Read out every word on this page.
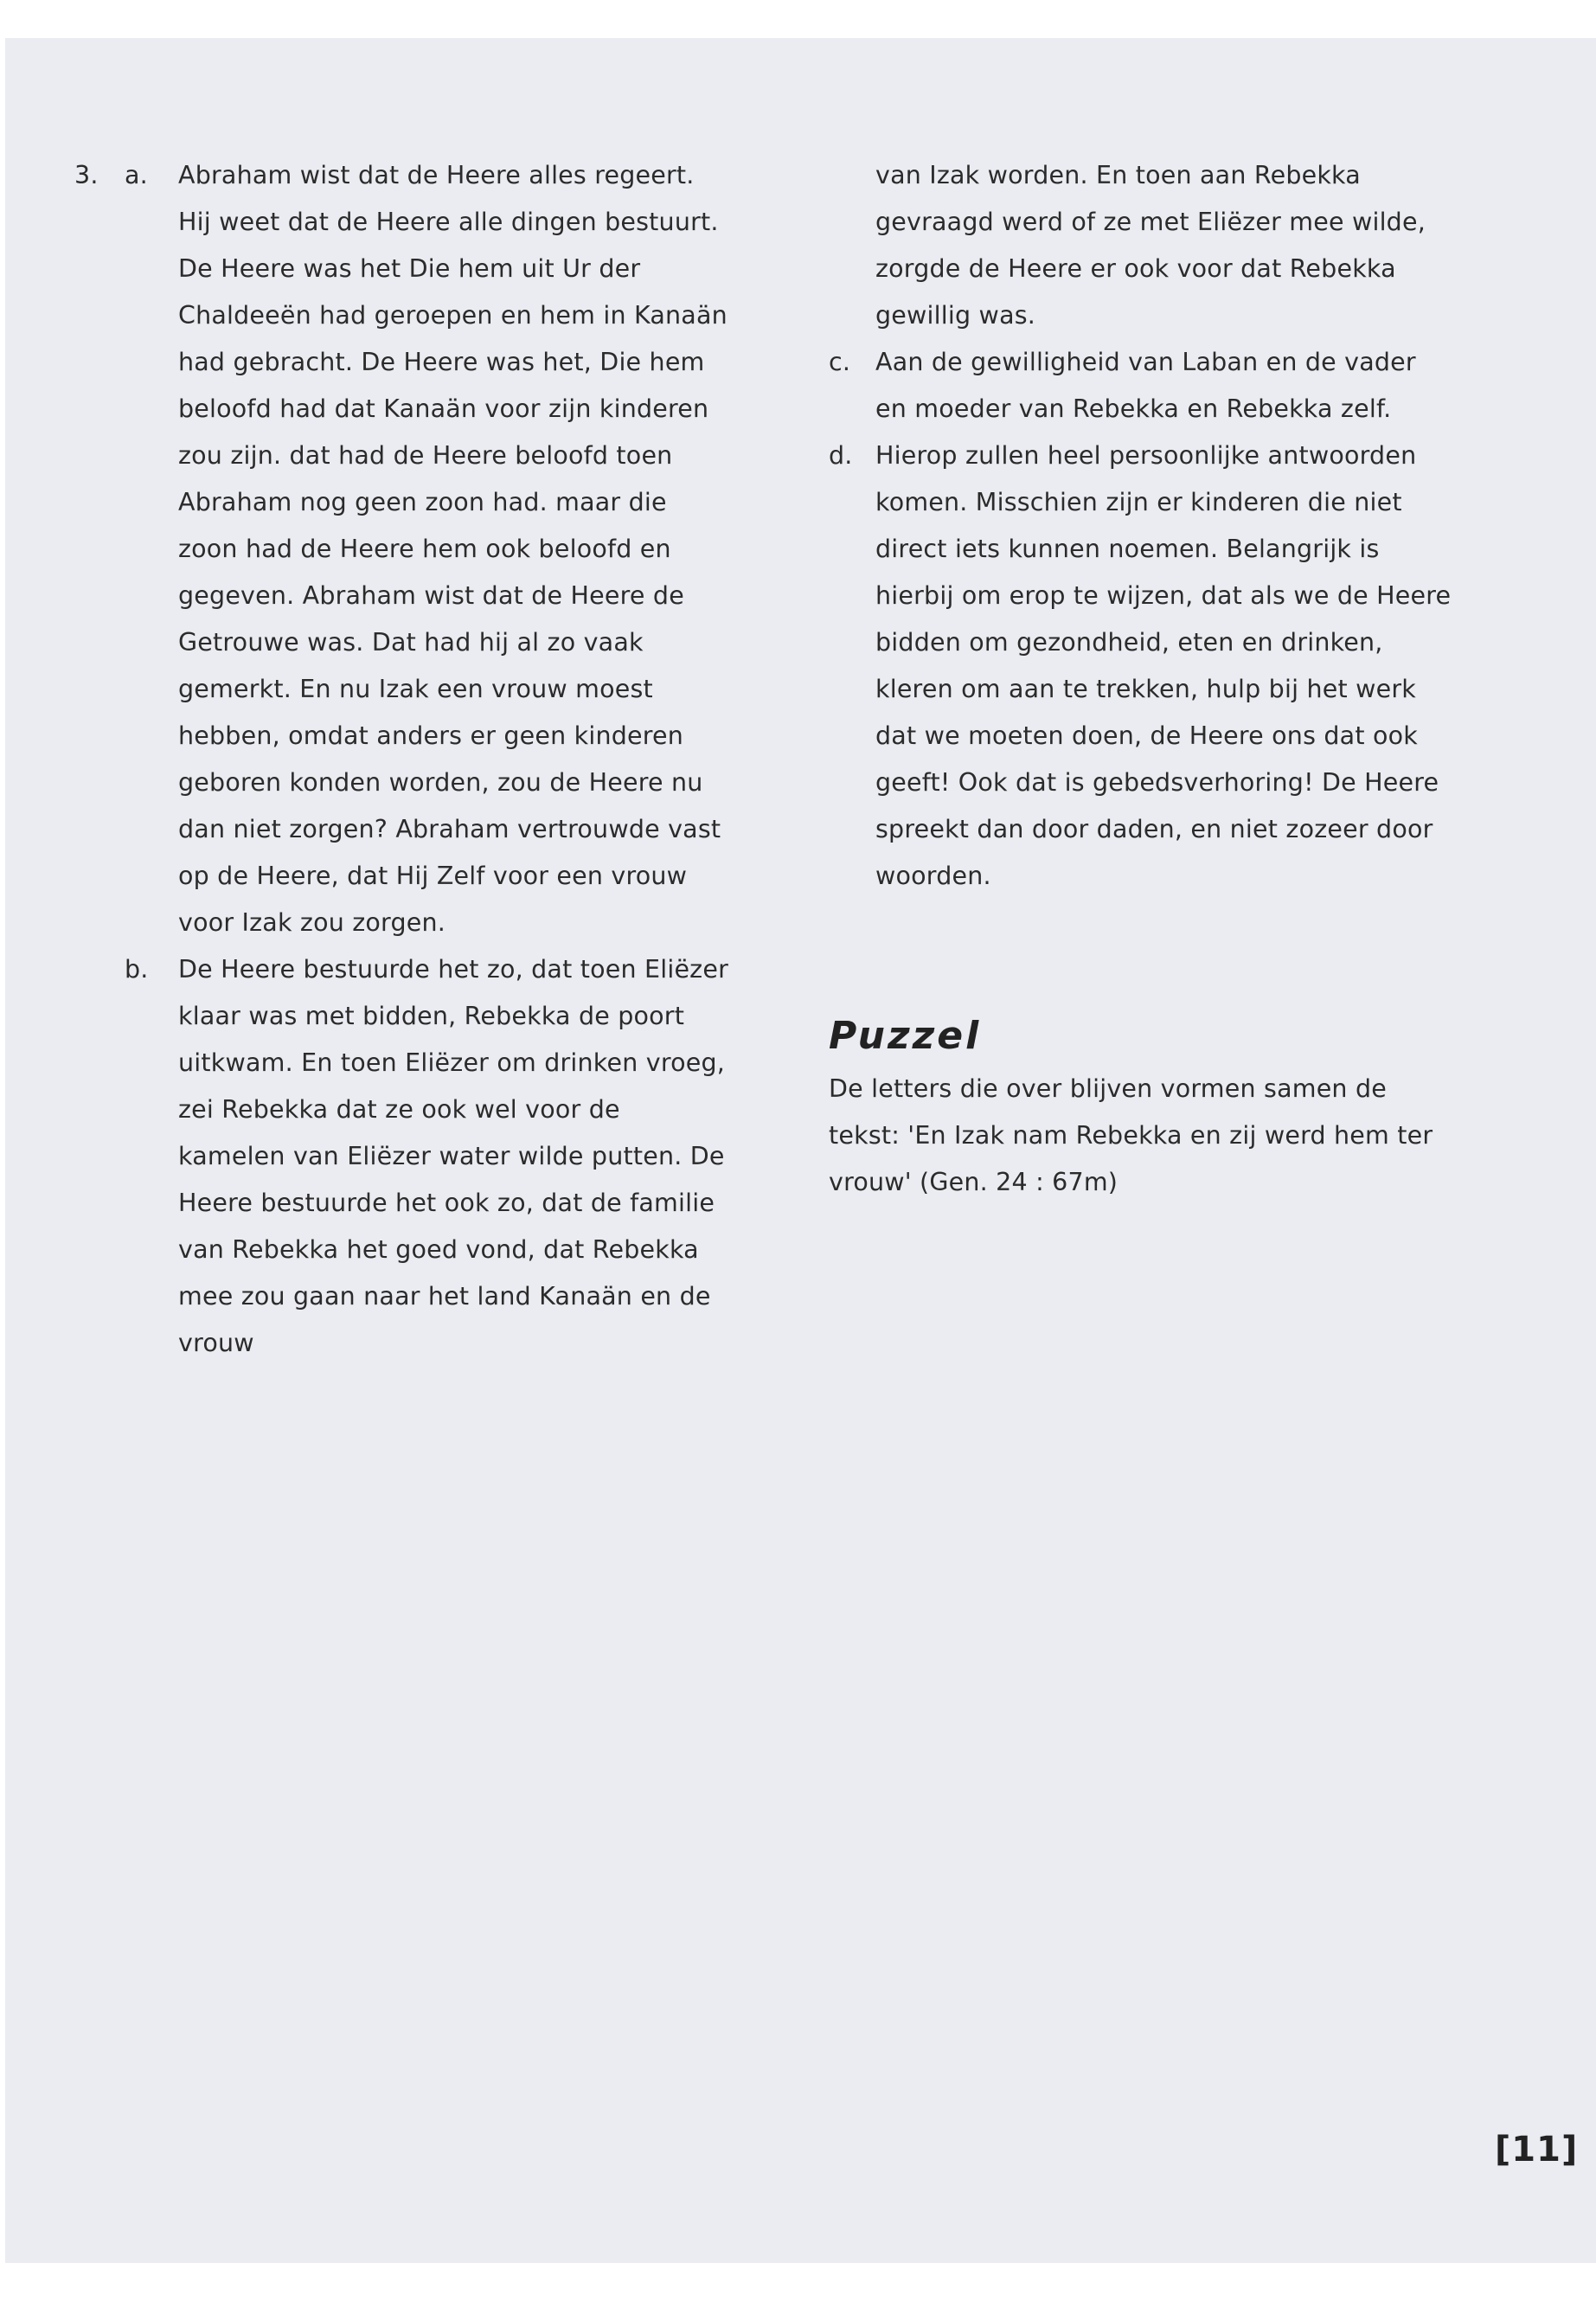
3. a. Abraham wist dat de Heere alles regeert. Hij weet dat de Heere alle dingen bestuurt. De Heere was het Die hem uit Ur der Chaldeeën had geroepen en hem in Kanaän had gebracht. De Heere was het, Die hem beloofd had dat Kanaän voor zijn kinderen zou zijn. dat had de Heere beloofd toen Abraham nog geen zoon had. maar die zoon had de Heere hem ook beloofd en gegeven. Abraham wist dat de Heere de Getrouwe was. Dat had hij al zo vaak gemerkt. En nu Izak een vrouw moest hebben, omdat anders er geen kinderen geboren konden worden, zou de Heere nu dan niet zorgen? Abraham vertrouwde vast op de Heere, dat Hij Zelf voor een vrouw voor Izak zou zorgen.
b. De Heere bestuurde het zo, dat toen Eliëzer klaar was met bidden, Rebekka de poort uitkwam. En toen Eliëzer om drinken vroeg, zei Rebekka dat ze ook wel voor de kamelen van Eliëzer water wilde putten. De Heere bestuurde het ook zo, dat de familie van Rebekka het goed vond, dat Rebekka mee zou gaan naar het land Kanaän en de vrouw
van Izak worden. En toen aan Rebekka gevraagd werd of ze met Eliëzer mee wilde, zorgde de Heere er ook voor dat Rebekka gewillig was.
c. Aan de gewilligheid van Laban en de vader en moeder van Rebekka en Rebekka zelf.
d. Hierop zullen heel persoonlijke antwoorden komen. Misschien zijn er kinderen die niet direct iets kunnen noemen. Belangrijk is hierbij om erop te wijzen, dat als we de Heere bidden om gezondheid, eten en drinken, kleren om aan te trekken, hulp bij het werk dat we moeten doen, de Heere ons dat ook geeft! Ook dat is gebedsverhoring! De Heere spreekt dan door daden, en niet zozeer door woorden.
Puzzel
De letters die over blijven vormen samen de tekst: 'En Izak nam Rebekka en zij werd hem ter vrouw' (Gen. 24 : 67m)
[11]
